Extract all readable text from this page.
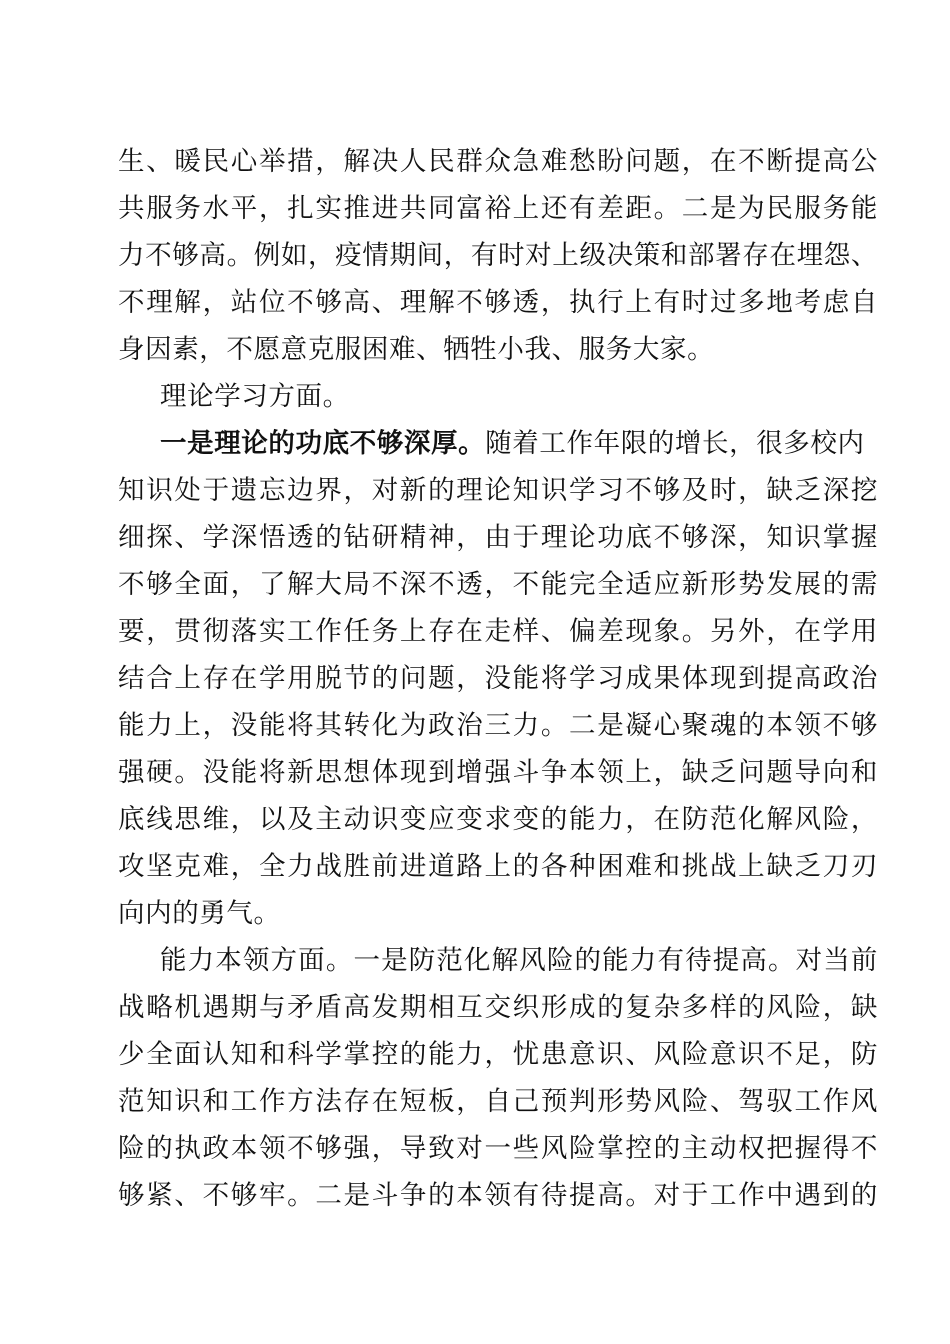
生、暖民心举措，解决人民群众急难愁盼问题，在不断提高公
共服务水平，扎实推进共同富裕上还有差距。二是为民服务能
力不够高。例如，疫情期间，有时对上级决策和部署存在埋怨、
不理解，站位不够高、理解不够透，执行上有时过多地考虑自
身因素，不愿意克服困难、牺牲小我、服务大家。
理论学习方面。
一是理论的功底不够深厚。随着工作年限的增长，很多校内
知识处于遗忘边界，对新的理论知识学习不够及时，缺乏深挖
细探、学深悟透的钻研精神，由于理论功底不够深，知识掌握
不够全面，了解大局不深不透，不能完全适应新形势发展的需
要，贯彻落实工作任务上存在走样、偏差现象。另外，在学用
结合上存在学用脱节的问题，没能将学习成果体现到提高政治
能力上，没能将其转化为政治三力。二是凝心聚魂的本领不够
强硬。没能将新思想体现到增强斗争本领上，缺乏问题导向和
底线思维，以及主动识变应变求变的能力，在防范化解风险，
攻坚克难，全力战胜前进道路上的各种困难和挑战上缺乏刀刃
向内的勇气。
能力本领方面。一是防范化解风险的能力有待提高。对当前
战略机遇期与矛盾高发期相互交织形成的复杂多样的风险，缺
少全面认知和科学掌控的能力，忧患意识、风险意识不足，防
范知识和工作方法存在短板，自己预判形势风险、驾驭工作风
险的执政本领不够强，导致对一些风险掌控的主动权把握得不
够紧、不够牢。二是斗争的本领有待提高。对于工作中遇到的
